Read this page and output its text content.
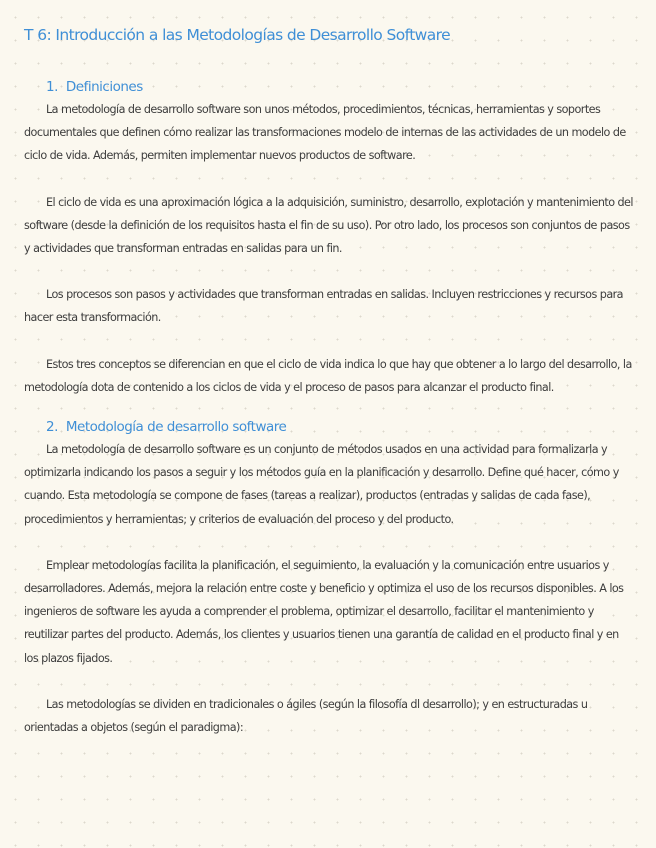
T 6: Introducción a las Metodologías de Desarrollo Software
1. Definiciones

La metodología de desarrollo software son unos métodos, procedimientos, técnicas, herramientas y soportes documentales que definen cómo realizar las transformaciones modelo de internas de las actividades de un modelo de ciclo de vida. Además, permiten implementar nuevos productos de software.

El ciclo de vida es una aproximación lógica a la adquisición, suministro, desarrollo, explotación y mantenimiento del software (desde la definición de los requisitos hasta el fin de su uso). Por otro lado, los procesos son conjuntos de pasos y actividades que transforman entradas en salidas para un fin.

Los procesos son pasos y actividades que transforman entradas en salidas. Incluyen restricciones y recursos para hacer esta transformación.

Estos tres conceptos se diferencian en que el ciclo de vida indica lo que hay que obtener a lo largo del desarrollo, la metodología dota de contenido a los ciclos de vida y el proceso de pasos para alcanzar el producto final.

2. Metodología de desarrollo software

La metodología de desarrollo software es un conjunto de métodos usados en una actividad para formalizarla y optimizarla indicando los pasos a seguir y los métodos guía en la planificación y desarrollo. Define qué hacer, cómo y cuando. Esta metodología se compone de fases (tareas a realizar), productos (entradas y salidas de cada fase), procedimientos y herramientas; y criterios de evaluación del proceso y del producto.

Emplear metodologías facilita la planificación, el seguimiento, la evaluación y la comunicación entre usuarios y desarrolladores. Además, mejora la relación entre coste y beneficio y optimiza el uso de los recursos disponibles. A los ingenieros de software les ayuda a comprender el problema, optimizar el desarrollo, facilitar el mantenimiento y reutilizar partes del producto. Además, los clientes y usuarios tienen una garantía de calidad en el producto final y en los plazos fijados.

Las metodologías se dividen en tradicionales o ágiles (según la filosofía dl desarrollo); y en estructuradas u orientadas a objetos (según el paradigma):
